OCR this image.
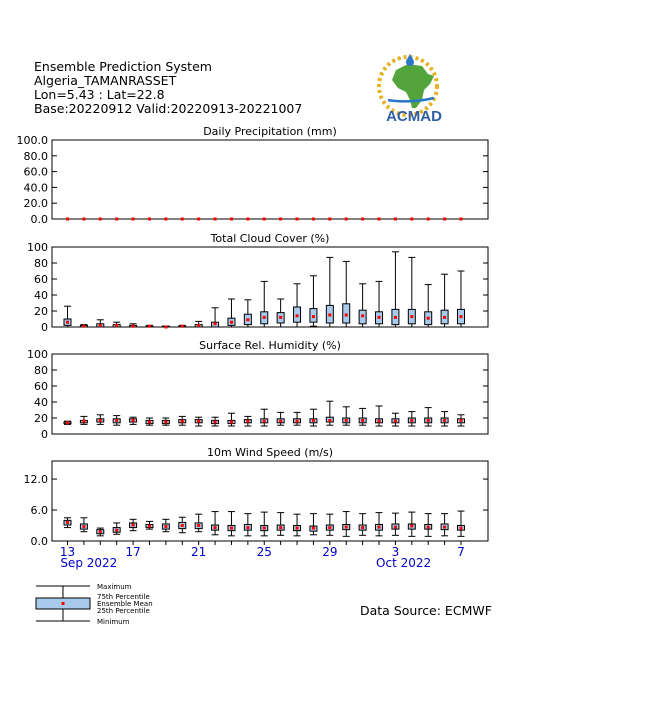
Ensemble Prediction System
Algeria_TAMANRASSET
Lon=5.43 : Lat=22.8
Base:20220912 Valid:20220913-20221007	ACMAD
Daily Precipitation (mm)
0.0
20.0
40.0
60.0
80.0
100.0
Total Cloud Cover (%)
0
20
40
60
80
100
Surface Rel. Humidity (%)
0
20
40
60
80
100
10m Wind Speed (m/s)
0.0
6.0
12.0
13	17	21	25	29	3	7
Sep 2022	Oct 2022
Maximum
75th Percentile
Ensemble Mean
25th Percentile
Minimum
Data Source: ECMWF
